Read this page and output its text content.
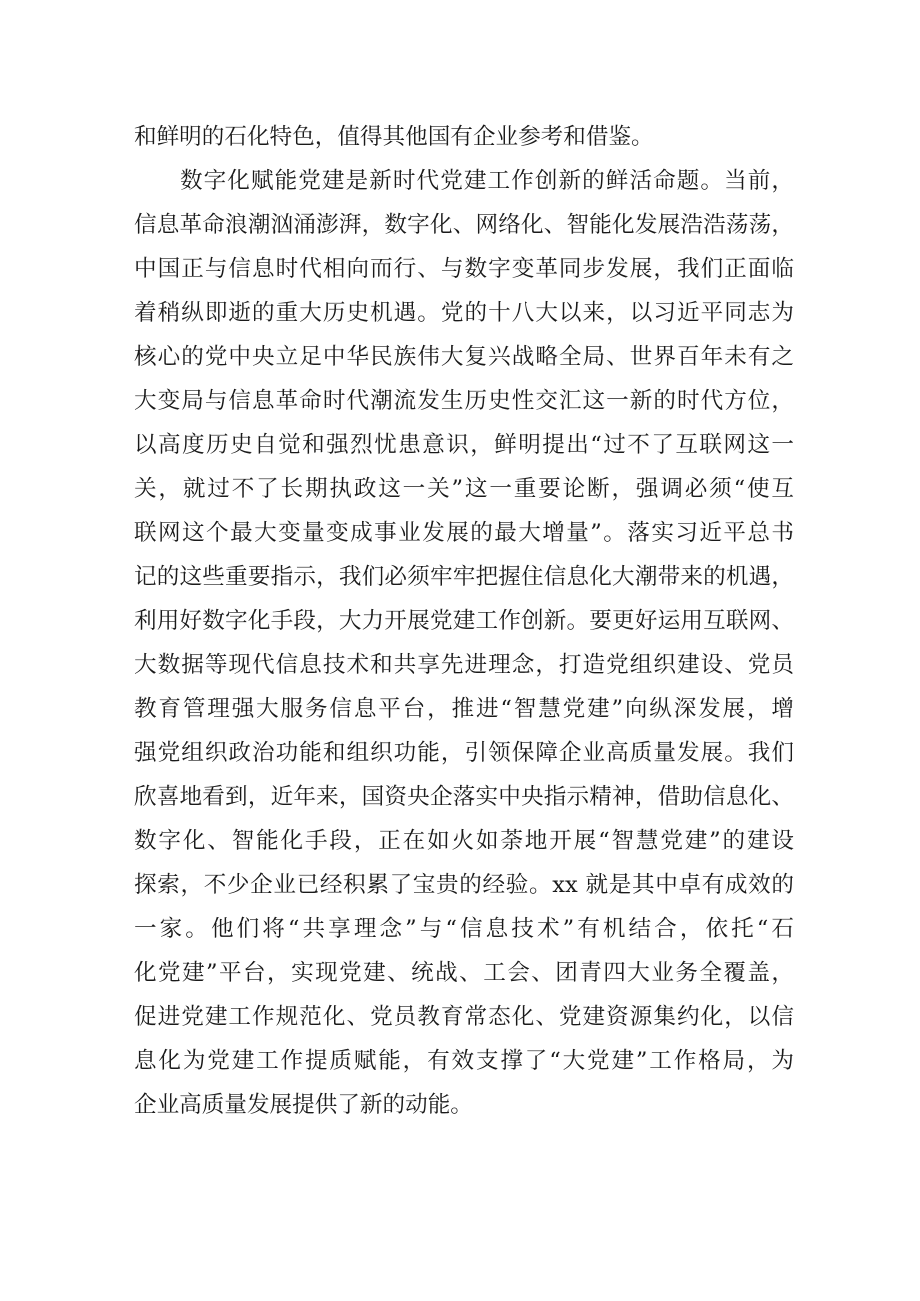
和鲜明的石化特色，值得其他国有企业参考和借鉴。
数字化赋能党建是新时代党建工作创新的鲜活命题。当前，
信息革命浪潮汹涌澎湃，数字化、网络化、智能化发展浩浩荡荡，
中国正与信息时代相向而行、与数字变革同步发展，我们正面临
着稍纵即逝的重大历史机遇。党的十八大以来，以习近平同志为
核心的党中央立足中华民族伟大复兴战略全局、世界百年未有之
大变局与信息革命时代潮流发生历史性交汇这一新的时代方位，
以高度历史自觉和强烈忧患意识，鲜明提出“过不了互联网这一
关，就过不了长期执政这一关”这一重要论断，强调必须“使互
联网这个最大变量变成事业发展的最大增量”。落实习近平总书
记的这些重要指示，我们必须牢牢把握住信息化大潮带来的机遇，
利用好数字化手段，大力开展党建工作创新。要更好运用互联网、
大数据等现代信息技术和共享先进理念，打造党组织建设、党员
教育管理强大服务信息平台，推进“智慧党建”向纵深发展，增
强党组织政治功能和组织功能，引领保障企业高质量发展。我们
欣喜地看到，近年来，国资央企落实中央指示精神，借助信息化、
数字化、智能化手段，正在如火如荼地开展“智慧党建”的建设
探索，不少企业已经积累了宝贵的经验。xx 就是其中卓有成效的
一家。他们将“共享理念”与“信息技术”有机结合，依托“石
化党建”平台，实现党建、统战、工会、团青四大业务全覆盖，
促进党建工作规范化、党员教育常态化、党建资源集约化，以信
息化为党建工作提质赋能，有效支撑了“大党建”工作格局，为
企业高质量发展提供了新的动能。
